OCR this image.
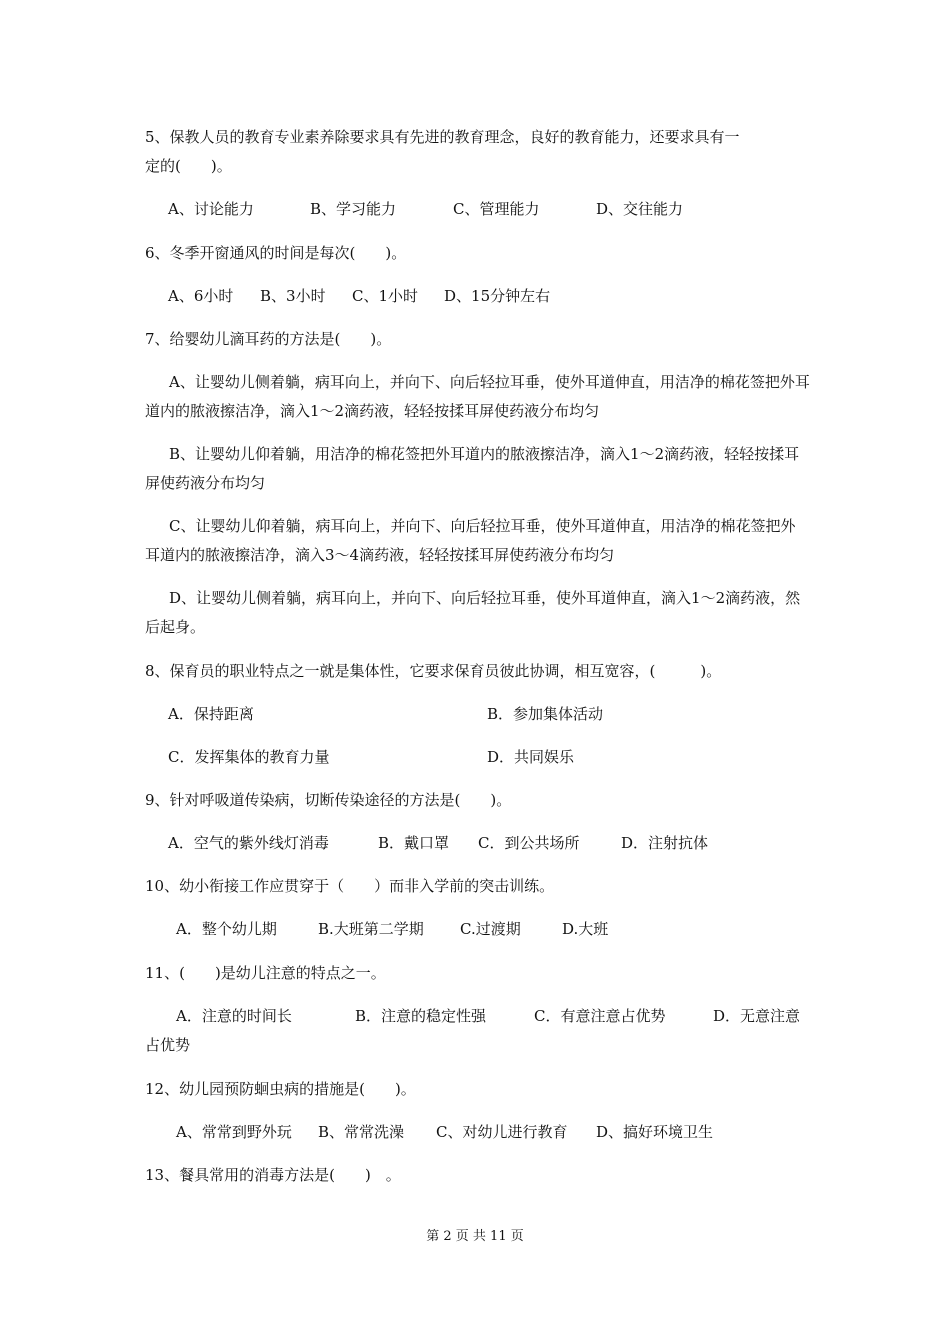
5、保教人员的教育专业素养除要求具有先进的教育理念，良好的教育能力，还要求具有一
定的(　　)。
A、讨论能力	B、学习能力	C、管理能力	D、交往能力
6、冬季开窗通风的时间是每次(　　)。
A、6小时 B、3小时 C、1小时 D、15分钟左右
7、给婴幼儿滴耳药的方法是(　　)。
A、让婴幼儿侧着躺，病耳向上，并向下、向后轻拉耳垂，使外耳道伸直，用洁净的棉花签把外耳道内的脓液擦洁净，滴入1～2滴药液，轻轻按揉耳屏使药液分布均匀
B、让婴幼儿仰着躺，用洁净的棉花签把外耳道内的脓液擦洁净，滴入1～2滴药液，轻轻按揉耳屏使药液分布均匀
C、让婴幼儿仰着躺，病耳向上，并向下、向后轻拉耳垂，使外耳道伸直，用洁净的棉花签把外耳道内的脓液擦洁净，滴入3～4滴药液，轻轻按揉耳屏使药液分布均匀
D、让婴幼儿侧着躺，病耳向上，并向下、向后轻拉耳垂，使外耳道伸直，滴入1～2滴药液，然后起身。
8、保育员的职业特点之一就是集体性，它要求保育员彼此协调，相互宽容，(　　　)。
A．保持距离	B．参加集体活动
C．发挥集体的教育力量	D．共同娱乐
9、针对呼吸道传染病，切断传染途径的方法是(　　)。
A．空气的紫外线灯消毒	B．戴口罩 C．到公共场所	D．注射抗体
10、幼小衔接工作应贯穿于（　　）而非入学前的突击训练。
A．整个幼儿期	B.大班第二学期 C.过渡期	D.大班
11、(　　)是幼儿注意的特点之一。
A．注意的时间长	B．注意的稳定性强	C．有意注意占优势	D．无意注意
占优势
12、幼儿园预防蛔虫病的措施是(　　)。
A、常常到野外玩 B、常常洗澡 C、对幼儿进行教育 D、搞好环境卫生
13、餐具常用的消毒方法是(　　)　。
第 2 页 共 11 页
